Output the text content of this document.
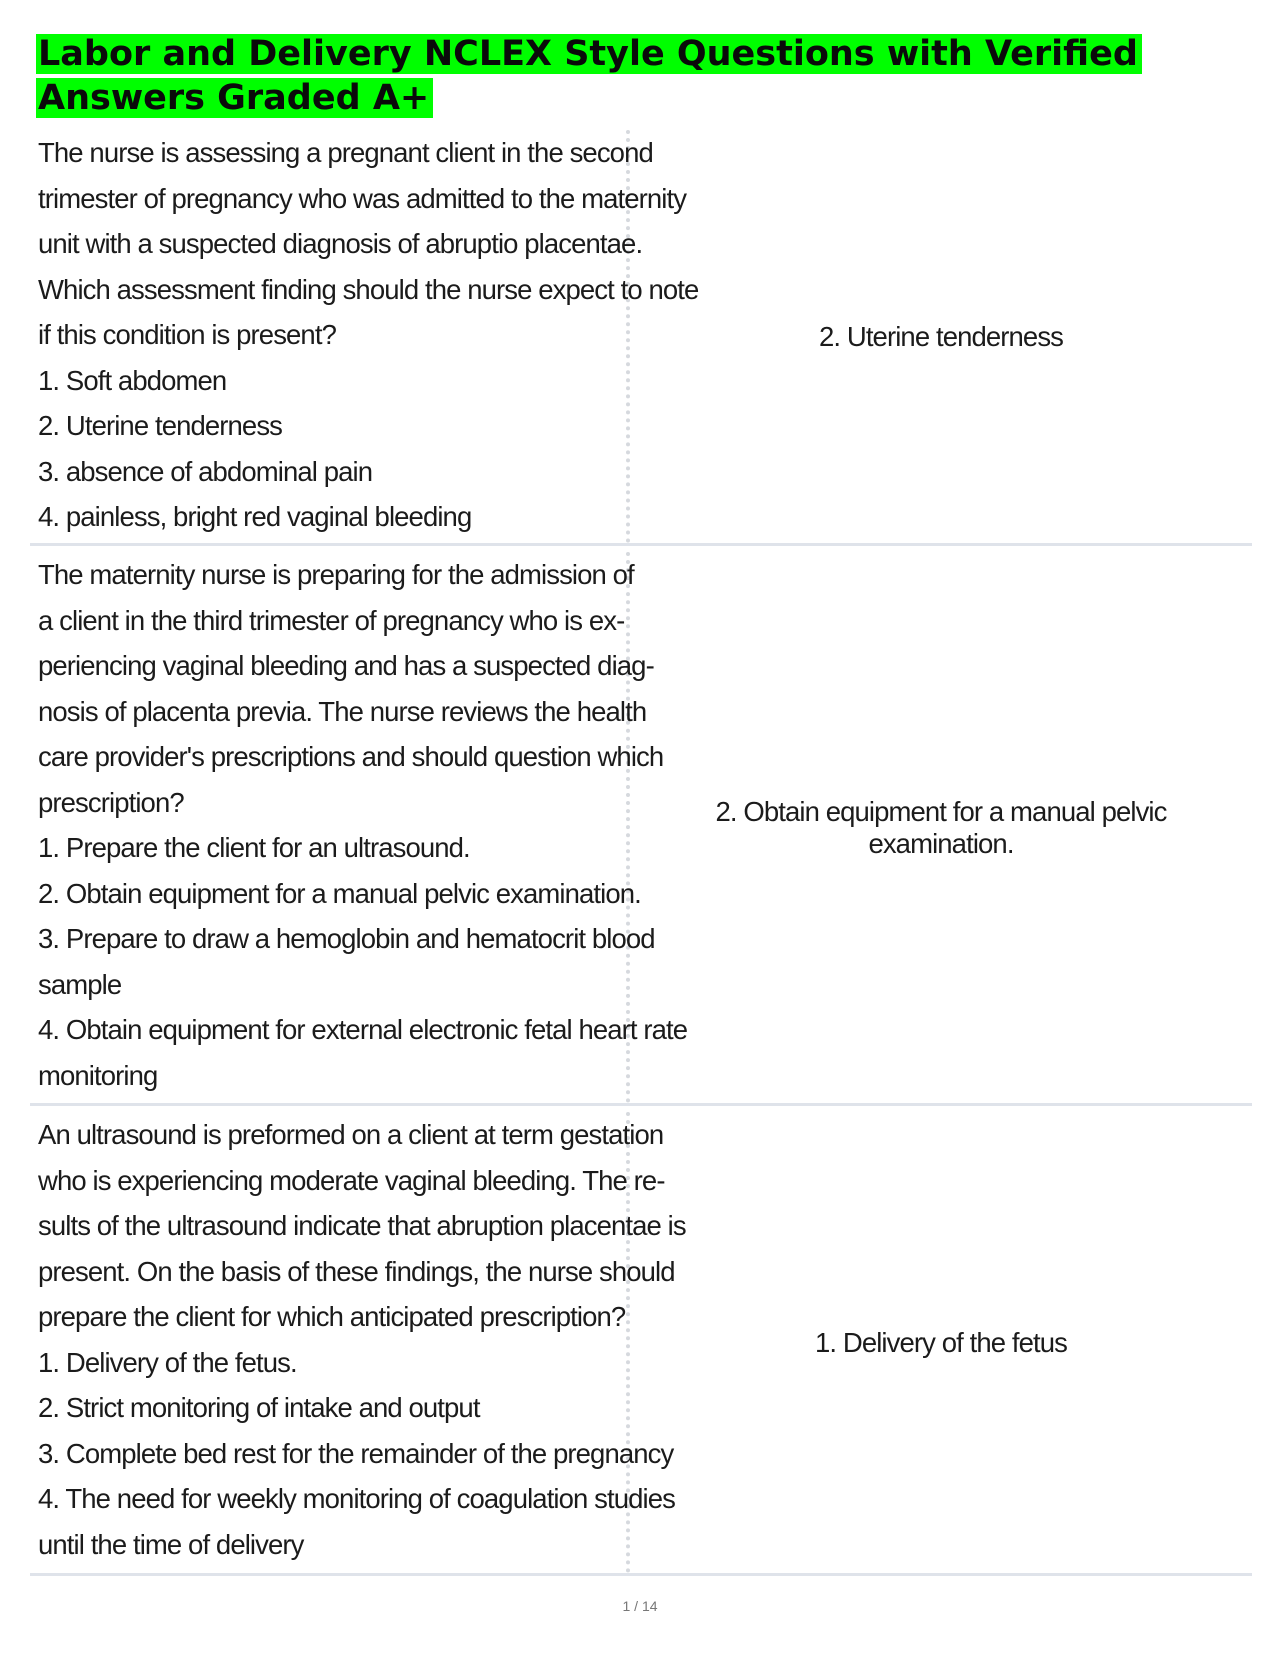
Labor and Delivery NCLEX Style Questions with Verified Answers Graded A+
The nurse is assessing a pregnant client in the second
trimester of pregnancy who was admitted to the maternity
unit with a suspected diagnosis of abruptio placentae.
Which assessment finding should the nurse expect to note
if this condition is present?
1. Soft abdomen
2. Uterine tenderness
3. absence of abdominal pain
4. painless, bright red vaginal bleeding
2. Uterine tenderness
The maternity nurse is preparing for the admission of
a client in the third trimester of pregnancy who is ex-
periencing vaginal bleeding and has a suspected diag-
nosis of placenta previa. The nurse reviews the health
care provider's prescriptions and should question which
prescription?
1. Prepare the client for an ultrasound.
2. Obtain equipment for a manual pelvic examination.
3. Prepare to draw a hemoglobin and hematocrit blood
sample
4. Obtain equipment for external electronic fetal heart rate
monitoring
2. Obtain equipment for a manual pelvic examination.
An ultrasound is preformed on a client at term gestation
who is experiencing moderate vaginal bleeding. The re-
sults of the ultrasound indicate that abruption placentae is
present. On the basis of these findings, the nurse should
prepare the client for which anticipated prescription?
1. Delivery of the fetus.
2. Strict monitoring of intake and output
3. Complete bed rest for the remainder of the pregnancy
4. The need for weekly monitoring of coagulation studies
until the time of delivery
1. Delivery of the fetus
1 / 14
